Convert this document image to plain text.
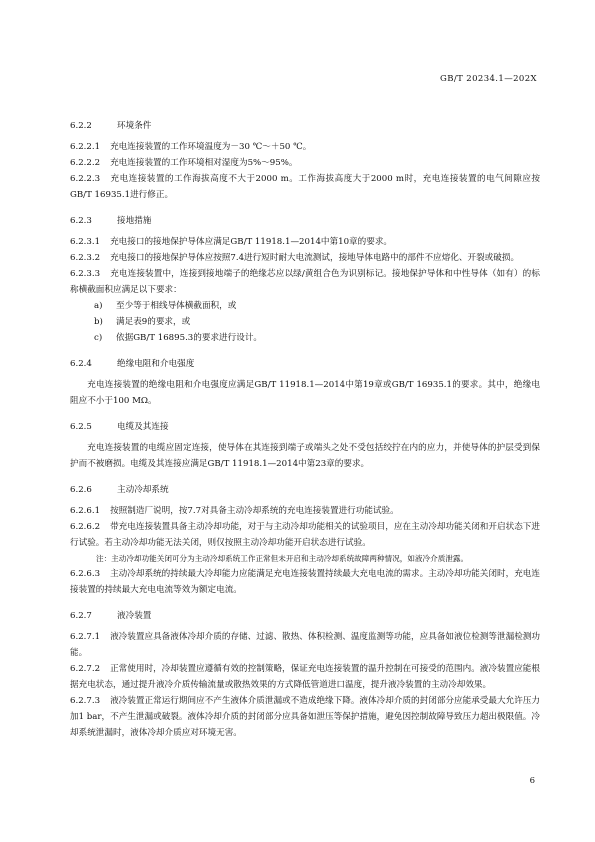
GB/T 20234.1—202X
6.2.2	环境条件
6.2.2.1 充电连接装置的工作环境温度为－30 ℃～＋50 ℃。
6.2.2.2 充电连接装置的工作环境相对湿度为5%～95%。
6.2.2.3 充电连接装置的工作海拔高度不大于2000 m。工作海拔高度大于2000 m时，充电连接装置的电气间隙应按GB/T 16935.1进行修正。
6.2.3	接地措施
6.2.3.1 充电接口的接地保护导体应满足GB/T 11918.1—2014中第10章的要求。
6.2.3.2 充电接口的接地保护导体应按照7.4进行短时耐大电流测试，接地导体电路中的部件不应熔化、开裂或破损。
6.2.3.3 充电连接装置中，连接到接地端子的绝缘芯应以绿/黄组合色为识别标记。接地保护导体和中性导体（如有）的标称横截面积应满足以下要求：
a) 至少等于相线导体横截面积，或
b) 满足表9的要求，或
c) 依据GB/T 16895.3的要求进行设计。
6.2.4	绝缘电阻和介电强度
充电连接装置的绝缘电阻和介电强度应满足GB/T 11918.1—2014中第19章或GB/T 16935.1的要求。其中，绝缘电阻应不小于100 MΩ。
6.2.5	电缆及其连接
充电连接装置的电缆应固定连接，使导体在其连接到端子或端头之处不受包括绞拧在内的应力，并使导体的护层受到保护而不被磨损。电缆及其连接应满足GB/T 11918.1—2014中第23章的要求。
6.2.6	主动冷却系统
6.2.6.1 按照制造厂说明，按7.7对具备主动冷却系统的充电连接装置进行功能试验。
6.2.6.2 带充电连接装置具备主动冷却功能，对于与主动冷却功能相关的试验项目，应在主动冷却功能关闭和开启状态下进行试验。若主动冷却功能无法关闭，则仅按照主动冷却功能开启状态进行试验。
注：主动冷却功能关闭可分为主动冷却系统工作正常但未开启和主动冷却系统故障两种情况，如液冷介质泄露。
6.2.6.3 主动冷却系统的持续最大冷却能力应能满足充电连接装置持续最大充电电流的需求。主动冷却功能关闭时，充电连接装置的持续最大充电电流等效为额定电流。
6.2.7	液冷装置
6.2.7.1 液冷装置应具备液体冷却介质的存储、过滤、散热、体积检测、温度监测等功能，应具备如液位检测等泄漏检测功能。
6.2.7.2 正常使用时，冷却装置应遵循有效的控制策略，保证充电连接装置的温升控制在可接受的范围内。液冷装置应能根据充电状态，通过提升液冷介质传输流量或散热效果的方式降低管道进口温度，提升液冷装置的主动冷却效果。
6.2.7.3 液冷装置正常运行期间应不产生液体介质泄漏或不造成绝缘下降。液体冷却介质的封闭部分应能承受最大允许压力加1 bar，不产生泄漏或破裂。液体冷却介质的封闭部分应具备如泄压等保护措施，避免因控制故障导致压力超出极限值。冷却系统泄漏时，液体冷却介质应对环境无害。
6
